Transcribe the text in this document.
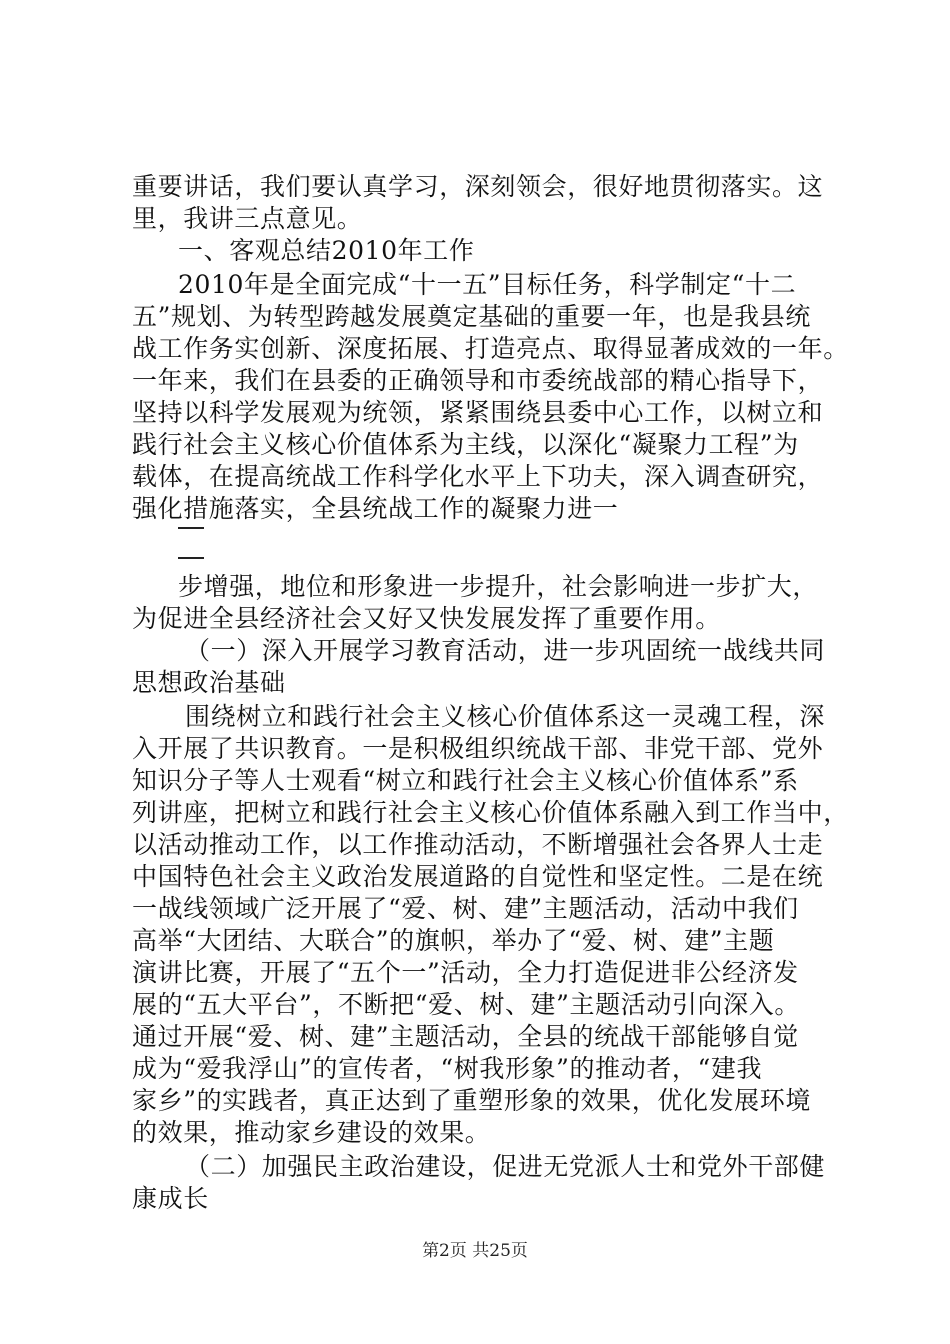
重要讲话，我们要认真学习，深刻领会，很好地贯彻落实。这
里，我讲三点意见。
一、客观总结2010年工作
2010年是全面完成“十一五”目标任务，科学制定“十二
五”规划、为转型跨越发展奠定基础的重要一年，也是我县统
战工作务实创新、深度拓展、打造亮点、取得显著成效的一年。
一年来，我们在县委的正确领导和市委统战部的精心指导下，
坚持以科学发展观为统领，紧紧围绕县委中心工作，以树立和
践行社会主义核心价值体系为主线，以深化“凝聚力工程”为
载体，在提高统战工作科学化水平上下功夫，深入调查研究，
强化措施落实，全县统战工作的凝聚力进一
步增强，地位和形象进一步提升，社会影响进一步扩大，
为促进全县经济社会又好又快发展发挥了重要作用。
（一）深入开展学习教育活动，进一步巩固统一战线共同
思想政治基础
围绕树立和践行社会主义核心价值体系这一灵魂工程，深
入开展了共识教育。一是积极组织统战干部、非党干部、党外
知识分子等人士观看“树立和践行社会主义核心价值体系”系
列讲座，把树立和践行社会主义核心价值体系融入到工作当中，
以活动推动工作，以工作推动活动，不断增强社会各界人士走
中国特色社会主义政治发展道路的自觉性和坚定性。二是在统
一战线领域广泛开展了“爱、树、建”主题活动，活动中我们
高举“大团结、大联合”的旗帜，举办了“爱、树、建”主题
演讲比赛，开展了“五个一”活动，全力打造促进非公经济发
展的“五大平台”，不断把“爱、树、建”主题活动引向深入。
通过开展“爱、树、建”主题活动，全县的统战干部能够自觉
成为“爱我浮山”的宣传者，“树我形象”的推动者，“建我
家乡”的实践者，真正达到了重塑形象的效果，优化发展环境
的效果，推动家乡建设的效果。
（二）加强民主政治建设，促进无党派人士和党外干部健
康成长
第2页 共25页
